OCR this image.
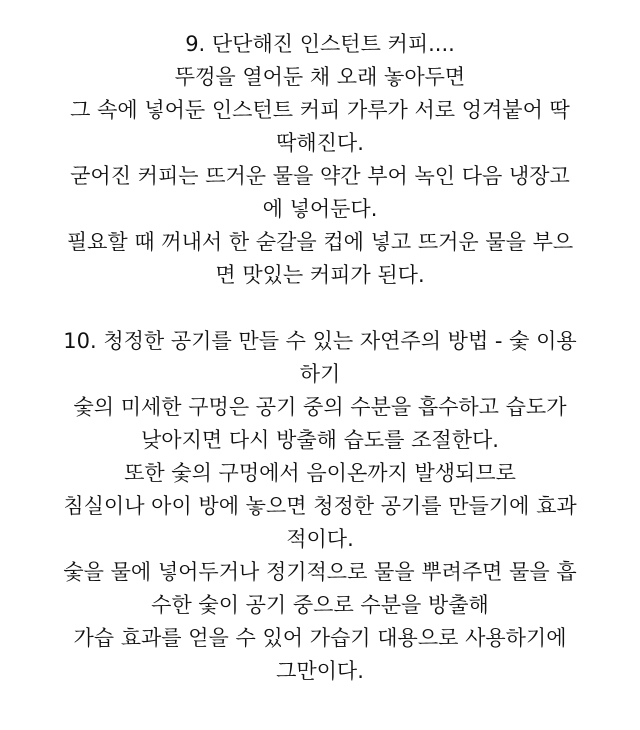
9. 단단해진 인스턴트 커피....
뚜껑을 열어둔 채 오래 놓아두면
그 속에 넣어둔 인스턴트 커피 가루가 서로 엉겨붙어 딱
딱해진다.
굳어진 커피는 뜨거운 물을 약간 부어 녹인 다음 냉장고
에 넣어둔다.
필요할 때 꺼내서 한 숟갈을 컵에 넣고 뜨거운 물을 부으
면 맛있는 커피가 된다.
10. 청정한 공기를 만들 수 있는 자연주의 방법 - 숯 이용
하기
숯의 미세한 구멍은 공기 중의 수분을 흡수하고 습도가
낮아지면 다시 방출해 습도를 조절한다.
또한 숯의 구멍에서 음이온까지 발생되므로
침실이나 아이 방에 놓으면 청정한 공기를 만들기에 효과
적이다.
숯을 물에 넣어두거나 정기적으로 물을 뿌려주면 물을 흡
수한 숯이 공기 중으로 수분을 방출해
가습 효과를 얻을 수 있어 가습기 대용으로 사용하기에
그만이다.
